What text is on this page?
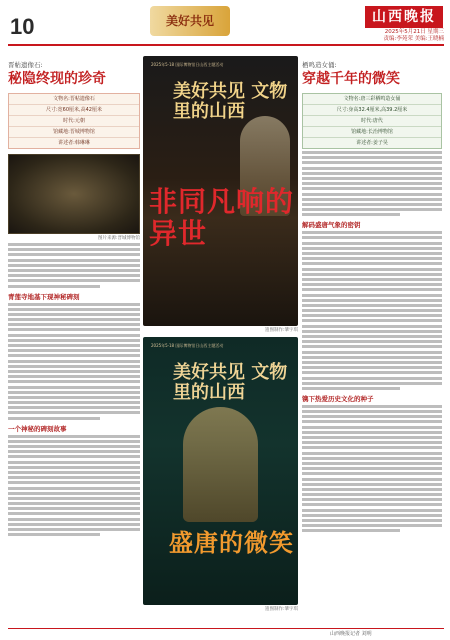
10	美好共见	山西晚报
2025年5月21日 星期三
责编:李苑荣 美编:王晓楠
晋帖遗像石:
秘隐终现的珍奇
文物名:晋帖遗像石
尺寸:宽60厘米,高42厘米
时代:元朝
馆藏地:晋城博物馆
讲述者:韩琳琳
图片来源:晋城博物馆
青莲寺地基下现神秘碑刻
一个神秘的碑刻故事
2025年5·18 国际博物馆日山西主题活动
美好共见 文物里的山西
非同凡响的异世
遗图制作:肇宇琪
2025年5·18 国际博物馆日山西主题活动
美好共见 文物里的山西
盛唐的微笑
遗图制作:肇宇琪
栖鸣造女俑:
穿越千年的微笑
文物名:唐三彩栖鸣造女俑
尺寸:身高32.4厘米,高39.2厘米
时代:唐代
馆藏地:长治博物馆
讲述者:姜子昊
解码盛唐气象的密钥
镌下热爱历史文化的种子
山西晚报记者 刘明
